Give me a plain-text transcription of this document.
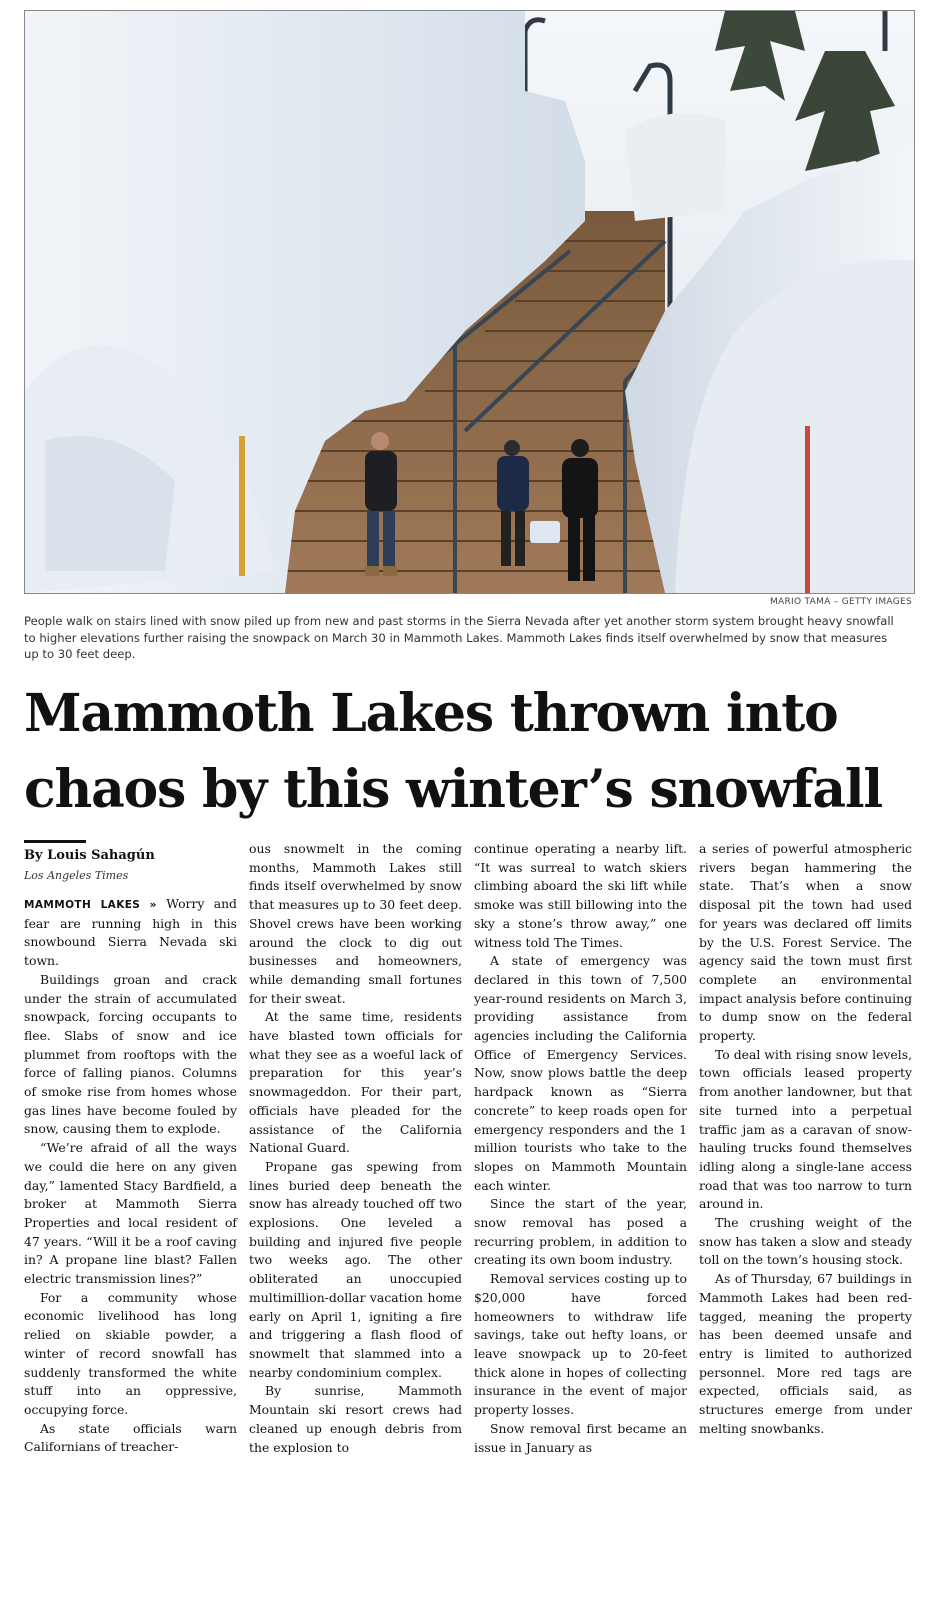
MARIO TAMA – GETTY IMAGES
People walk on stairs lined with snow piled up from new and past storms in the Sierra Nevada after yet another storm system brought heavy snowfall to higher elevations further raising the snowpack on March 30 in Mammoth Lakes. Mammoth Lakes finds itself overwhelmed by snow that measures up to 30 feet deep.
Mammoth Lakes thrown into chaos by this winter’s snowfall
By Louis Sahagún
Los Angeles Times

MAMMOTH LAKES » Worry and fear are running high in this snowbound Sierra Nevada ski town.

Buildings groan and crack under the strain of accumulated snowpack, forcing occupants to flee. Slabs of snow and ice plummet from rooftops with the force of falling pianos. Columns of smoke rise from homes whose gas lines have become fouled by snow, causing them to explode.

“We’re afraid of all the ways we could die here on any given day,” lamented Stacy Bardfield, a broker at Mammoth Sierra Properties and local resident of 47 years. “Will it be a roof caving in? A propane line blast? Fallen electric transmission lines?”

For a community whose economic livelihood has long relied on skiable powder, a winter of record snowfall has suddenly transformed the white stuff into an oppressive, occupying force.

As state officials warn Californians of treacher-

ous snowmelt in the coming months, Mammoth Lakes still finds itself overwhelmed by snow that measures up to 30 feet deep. Shovel crews have been working around the clock to dig out businesses and homeowners, while demanding small fortunes for their sweat.

At the same time, residents have blasted town officials for what they see as a woeful lack of preparation for this year’s snowmageddon. For their part, officials have pleaded for the assistance of the California National Guard.

Propane gas spewing from lines buried deep beneath the snow has already touched off two explosions. One leveled a building and injured five people two weeks ago. The other obliterated an unoccupied multimillion-dollar vacation home early on April 1, igniting a fire and triggering a flash flood of snowmelt that slammed into a nearby condominium complex.

By sunrise, Mammoth Mountain ski resort crews had cleaned up enough debris from the explosion to

continue operating a nearby lift. “It was surreal to watch skiers climbing aboard the ski lift while smoke was still billowing into the sky a stone’s throw away,” one witness told The Times.

A state of emergency was declared in this town of 7,500 year-round residents on March 3, providing assistance from agencies including the California Office of Emergency Services. Now, snow plows battle the deep hardpack known as “Sierra concrete” to keep roads open for emergency responders and the 1 million tourists who take to the slopes on Mammoth Mountain each winter.

Since the start of the year, snow removal has posed a recurring problem, in addition to creating its own boom industry.

Removal services costing up to $20,000 have forced homeowners to withdraw life savings, take out hefty loans, or leave snowpack up to 20-feet thick alone in hopes of collecting insurance in the event of major property losses.

Snow removal first became an issue in January as

a series of powerful atmospheric rivers began hammering the state. That’s when a snow disposal pit the town had used for years was declared off limits by the U.S. Forest Service. The agency said the town must first complete an environmental impact analysis before continuing to dump snow on the federal property.

To deal with rising snow levels, town officials leased property from another landowner, but that site turned into a perpetual traffic jam as a caravan of snow-hauling trucks found themselves idling along a single-lane access road that was too narrow to turn around in.

The crushing weight of the snow has taken a slow and steady toll on the town’s housing stock.

As of Thursday, 67 buildings in Mammoth Lakes had been red-tagged, meaning the property has been deemed unsafe and entry is limited to authorized personnel. More red tags are expected, officials said, as structures emerge from under melting snowbanks.
